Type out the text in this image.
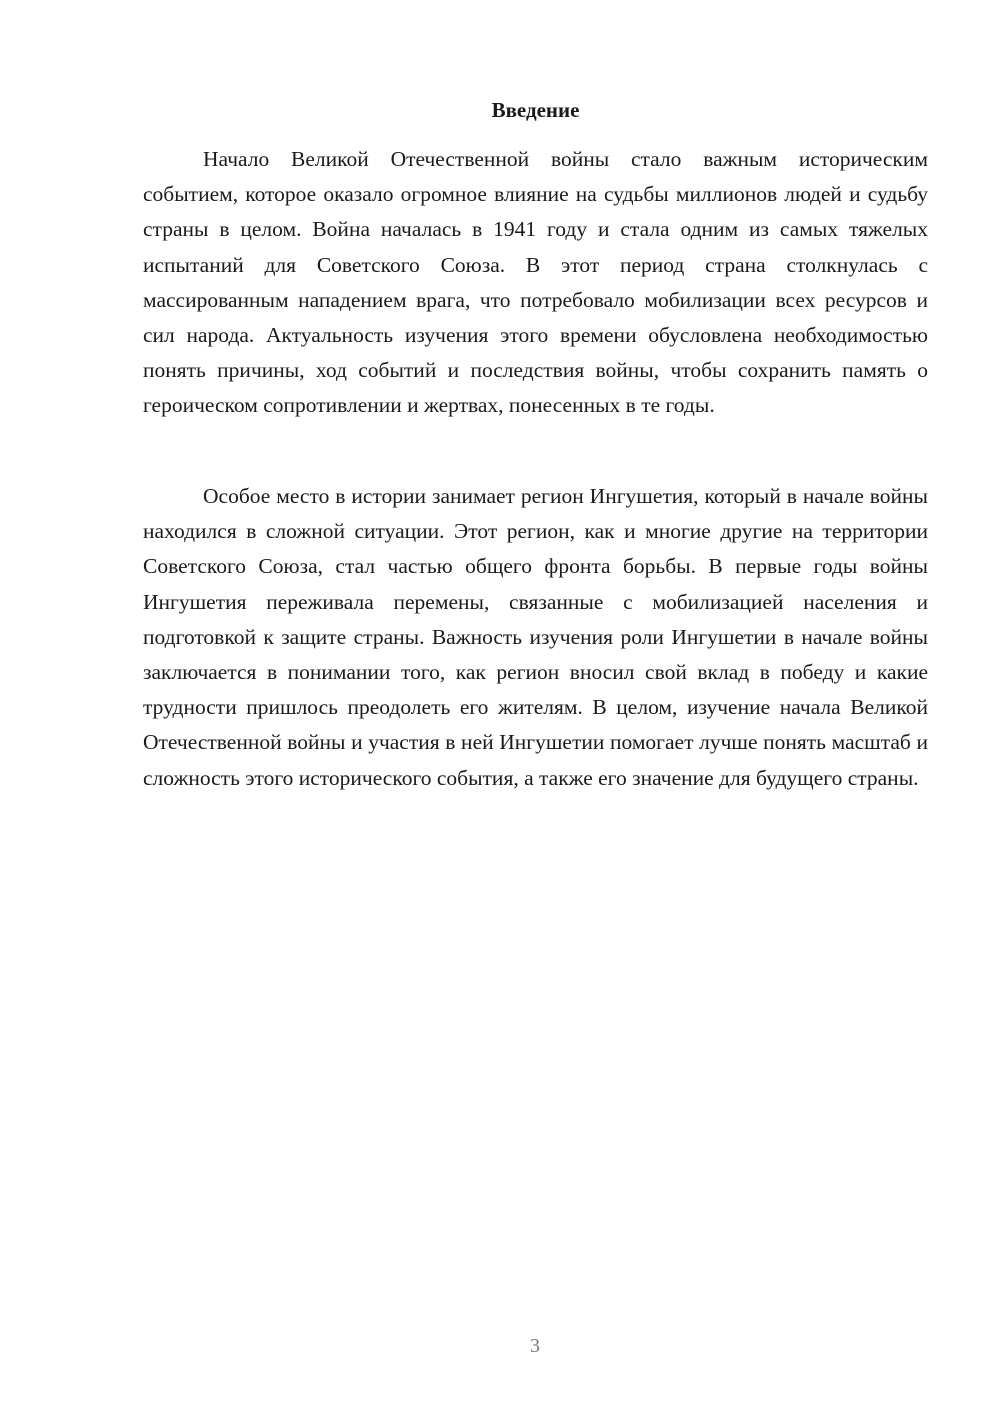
Введение

Начало Великой Отечественной войны стало важным историческим событием, которое оказало огромное влияние на судьбы миллионов людей и судьбу страны в целом. Война началась в 1941 году и стала одним из самых тяжелых испытаний для Советского Союза. В этот период страна столкнулась с массированным нападением врага, что потребовало мобилизации всех ресурсов и сил народа. Актуальность изучения этого времени обусловлена необходимостью понять причины, ход событий и последствия войны, чтобы сохранить память о героическом сопротивлении и жертвах, понесенных в те годы.

Особое место в истории занимает регион Ингушетия, который в начале войны находился в сложной ситуации. Этот регион, как и многие другие на территории Советского Союза, стал частью общего фронта борьбы. В первые годы войны Ингушетия переживала перемены, связанные с мобилизацией населения и подготовкой к защите страны. Важность изучения роли Ингушетии в начале войны заключается в понимании того, как регион вносил свой вклад в победу и какие трудности пришлось преодолеть его жителям. В целом, изучение начала Великой Отечественной войны и участия в ней Ингушетии помогает лучше понять масштаб и сложность этого исторического события, а также его значение для будущего страны.

3
